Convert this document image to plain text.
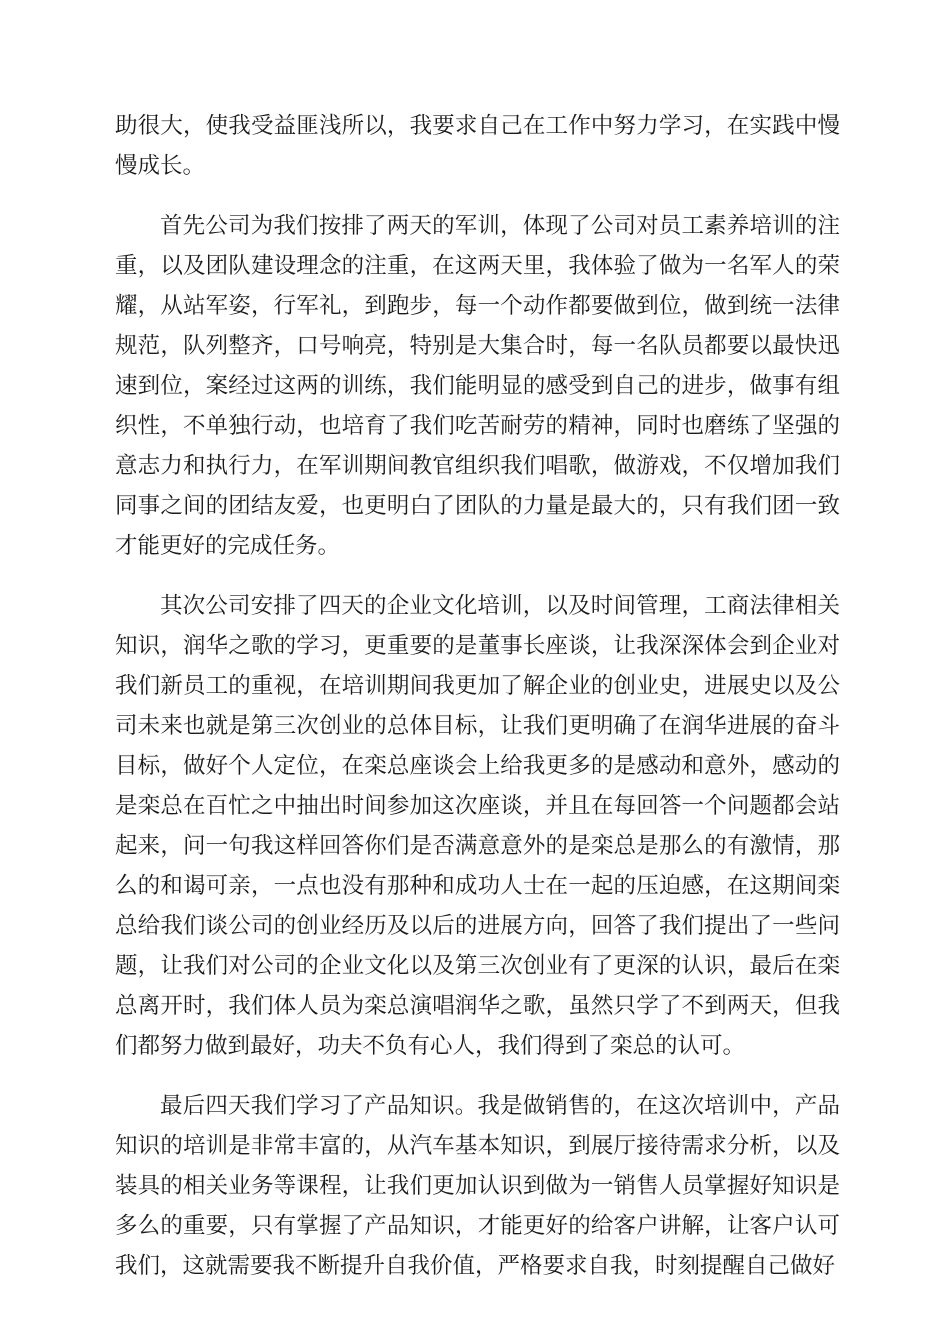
助很大，使我受益匪浅所以，我要求自己在工作中努力学习，在实践中慢慢成长。

首先公司为我们按排了两天的军训，体现了公司对员工素养培训的注重，以及团队建设理念的注重，在这两天里，我体验了做为一名军人的荣耀，从站军姿，行军礼，到跑步，每一个动作都要做到位，做到统一法律规范，队列整齐，口号响亮，特别是大集合时，每一名队员都要以最快迅速到位，案经过这两的训练，我们能明显的感受到自己的进步，做事有组织性，不单独行动，也培育了我们吃苦耐劳的精神，同时也磨练了坚强的意志力和执行力，在军训期间教官组织我们唱歌，做游戏，不仅增加我们同事之间的团结友爱，也更明白了团队的力量是最大的，只有我们团一致才能更好的完成任务。

其次公司安排了四天的企业文化培训，以及时间管理，工商法律相关知识，润华之歌的学习，更重要的是董事长座谈，让我深深体会到企业对我们新员工的重视，在培训期间我更加了解企业的创业史，进展史以及公司未来也就是第三次创业的总体目标，让我们更明确了在润华进展的奋斗目标，做好个人定位，在栾总座谈会上给我更多的是感动和意外，感动的是栾总在百忙之中抽出时间参加这次座谈，并且在每回答一个问题都会站起来，问一句我这样回答你们是否满意意外的是栾总是那么的有激情，那么的和谒可亲，一点也没有那种和成功人士在一起的压迫感，在这期间栾总给我们谈公司的创业经历及以后的进展方向，回答了我们提出了一些问题，让我们对公司的企业文化以及第三次创业有了更深的认识，最后在栾总离开时，我们体人员为栾总演唱润华之歌，虽然只学了不到两天，但我们都努力做到最好，功夫不负有心人，我们得到了栾总的认可。

最后四天我们学习了产品知识。我是做销售的，在这次培训中，产品知识的培训是非常丰富的，从汽车基本知识，到展厅接待需求分析，以及装具的相关业务等课程，让我们更加认识到做为一销售人员掌握好知识是多么的重要，只有掌握了产品知识，才能更好的给客户讲解，让客户认可我们，这就需要我不断提升自我价值，严格要求自我，时刻提醒自己做好
